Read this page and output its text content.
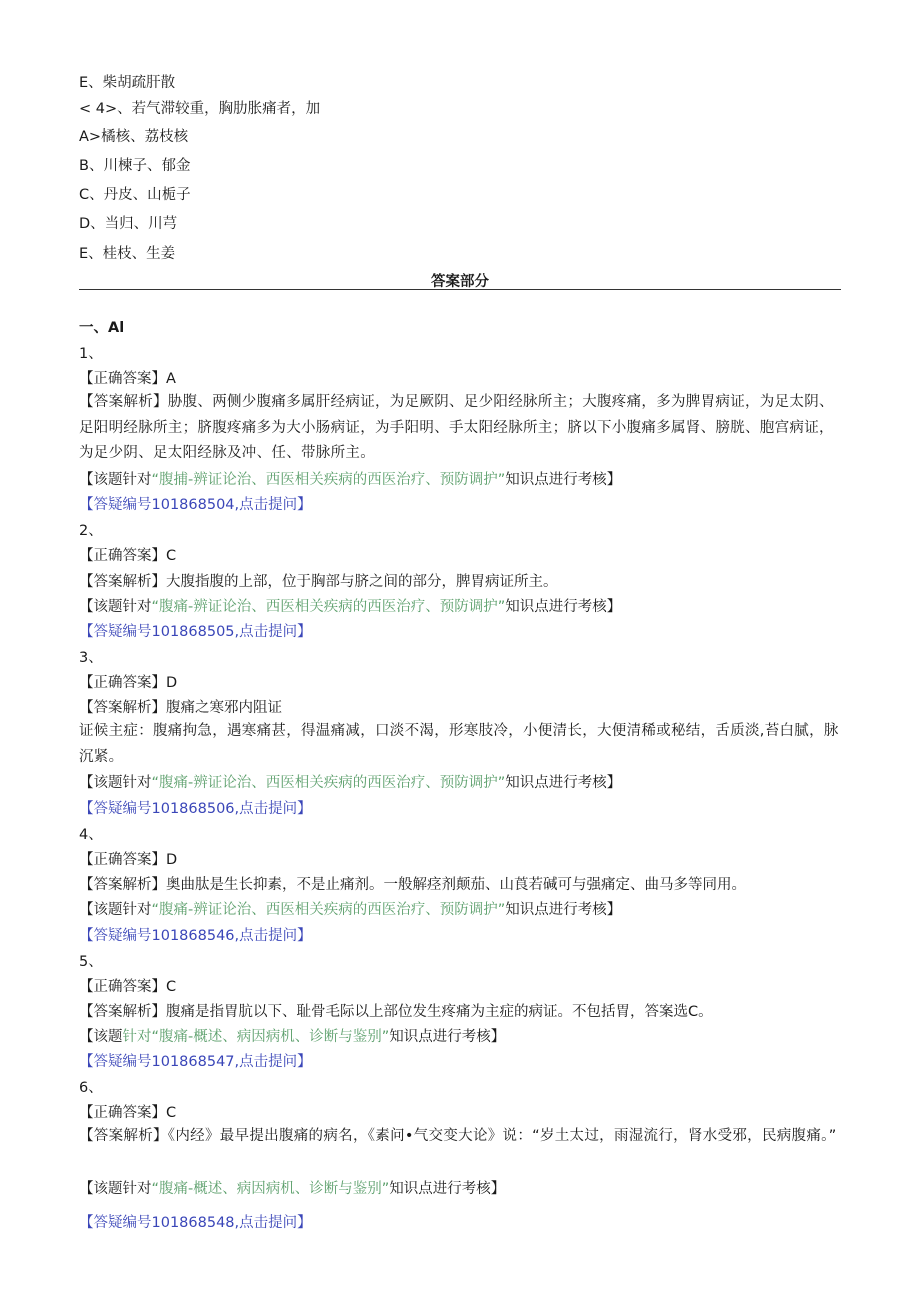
E、柴胡疏肝散
< 4>、若气滞较重，胸肋胀痛者，加
A>橘核、荔枝核
B、川楝子、郁金
C、丹皮、山栀子
D、当归、川芎
E、桂枝、生姜
答案部分
一、Al
1、
【正确答案】A
【答案解析】胁腹、两侧少腹痛多属肝经病证，为足厥阴、足少阳经脉所主；大腹疼痛，多为脾胃病证，为足太阴、足阳明经脉所主；脐腹疼痛多为大小肠病证，为手阳明、手太阳经脉所主；脐以下小腹痛多属肾、膀胱、胞宫病证，为足少阴、足太阳经脉及冲、任、带脉所主。
【该题针对“腹捕-辨证论治、西医相关疾病的西医治疗、预防调护”知识点进行考核】
【答疑编号101868504,点击提问】
2、
【正确答案】C
【答案解析】大腹指腹的上部，位于胸部与脐之间的部分，脾胃病证所主。
【该题针对“腹痛-辨证论治、西医相关疾病的西医治疗、预防调护”知识点进行考核】
【答疑编号101868505,点击提问】
3、
【正确答案】D
【答案解析】腹痛之寒邪内阻证
证候主症：腹痛拘急，遇寒痛甚，得温痛减，口淡不渴，形寒肢冷，小便清长，大便清稀或秘结，舌质淡,苔白腻，脉沉紧。
【该题针对“腹痛-辨证论治、西医相关疾病的西医治疗、预防调护”知识点进行考核】
【答疑编号101868506,点击提问】
4、
【正确答案】D
【答案解析】奥曲肽是生长抑素，不是止痛剂。一般解痉剂颠茄、山莨若碱可与强痛定、曲马多等同用。
【该题针对“腹痛-辨证论治、西医相关疾病的西医治疗、预防调护”知识点进行考核】
【答疑编号101868546,点击提问】
5、
【正确答案】C
【答案解析】腹痛是指胃肮以下、耻骨毛际以上部位发生疼痛为主症的病证。不包括胃，答案选C。
【该题针对“腹痛-概述、病因病机、诊断与鉴别”知识点进行考核】
【答疑编号101868547,点击提问】
6、
【正确答案】C
【答案解析】《内经》最早提出腹痛的病名，《素问•气交变大论》说：“岁土太过，雨湿流行，肾水受邪，民病腹痛。”
【该题针对“腹痛-概述、病因病机、诊断与鉴别”知识点进行考核】
【答疑编号101868548,点击提问】
